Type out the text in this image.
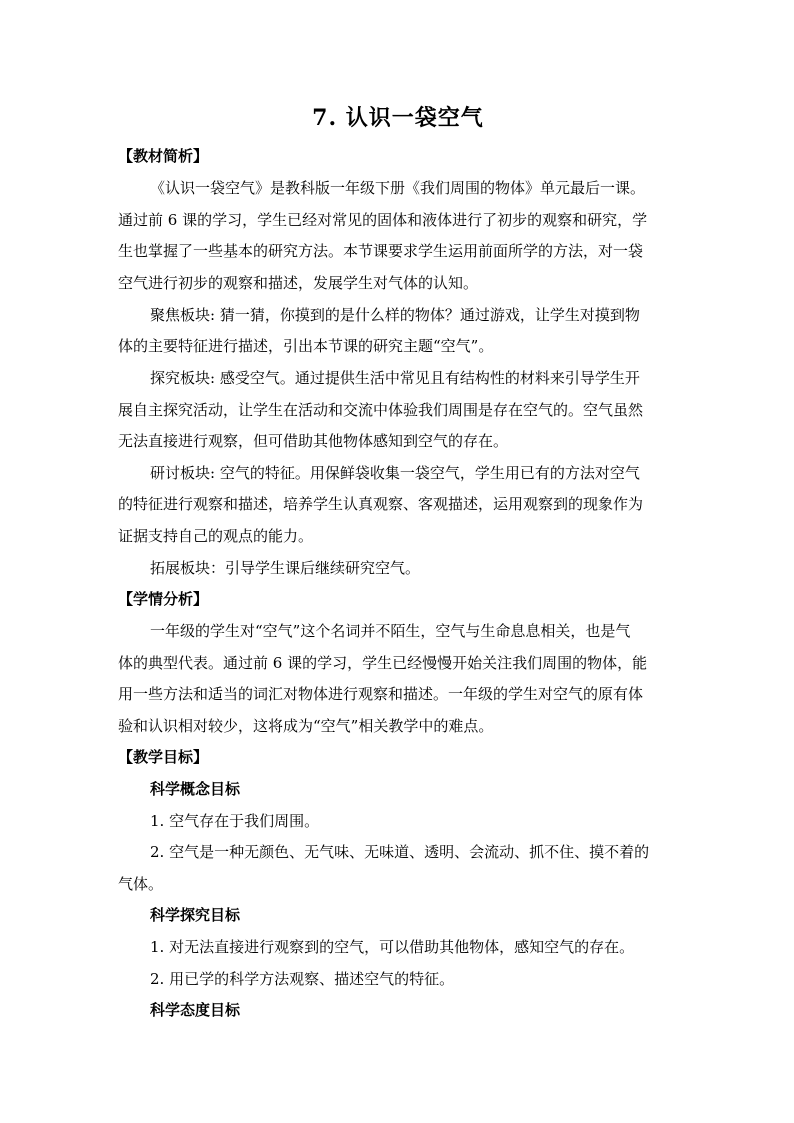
7. 认识一袋空气
【教材简析】
《认识一袋空气》是教科版一年级下册《我们周围的物体》单元最后一课。
通过前 6 课的学习，学生已经对常见的固体和液体进行了初步的观察和研究，学
生也掌握了一些基本的研究方法。本节课要求学生运用前面所学的方法，对一袋
空气进行初步的观察和描述，发展学生对气体的认知。
聚焦板块: 猜一猜，你摸到的是什么样的物体？通过游戏，让学生对摸到物
体的主要特征进行描述，引出本节课的研究主题“空气”。
探究板块: 感受空气。通过提供生活中常见且有结构性的材料来引导学生开
展自主探究活动，让学生在活动和交流中体验我们周围是存在空气的。空气虽然
无法直接进行观察，但可借助其他物体感知到空气的存在。
研讨板块: 空气的特征。用保鲜袋收集一袋空气，学生用已有的方法对空气
的特征进行观察和描述，培养学生认真观察、客观描述，运用观察到的现象作为
证据支持自己的观点的能力。
拓展板块：引导学生课后继续研究空气。
【学情分析】
一年级的学生对“空气”这个名词并不陌生，空气与生命息息相关，也是气
体的典型代表。通过前 6 课的学习，学生已经慢慢开始关注我们周围的物体，能
用一些方法和适当的词汇对物体进行观察和描述。一年级的学生对空气的原有体
验和认识相对较少，这将成为“空气”相关教学中的难点。
【教学目标】
科学概念目标
1. 空气存在于我们周围。
2. 空气是一种无颜色、无气味、无味道、透明、会流动、抓不住、摸不着的
气体。
科学探究目标
1. 对无法直接进行观察到的空气，可以借助其他物体，感知空气的存在。
2. 用已学的科学方法观察、描述空气的特征。
科学态度目标
